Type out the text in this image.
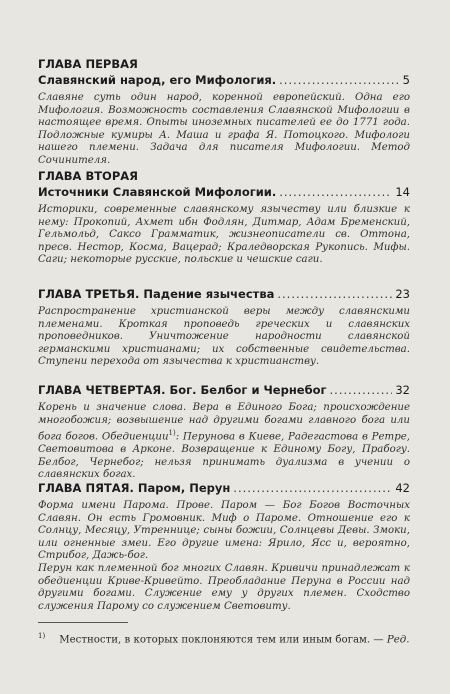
ГЛАВА ПЕРВАЯ
Славянский народ, его Мифология. .....	5

Славяне суть один народ, коренной европейский. Одна его Мифология. Возможность составления Славянской Мифологии в настоящее время. Опыты иноземных писателей ее до 1771 года. Подложные кумиры А. Маша и графа Я. Потоцкого. Мифологи нашего племени. Задача для писателя Мифологии. Метод Сочинителя.

ГЛАВА ВТОРАЯ
Источники Славянской Мифологии. .....	14

Историки, современные славянскому язычеству или близкие к нему: Прокопий, Ахмет ибн Фодлян, Дитмар, Адам Бременский, Гельмольд, Саксо Грамматик, жизнеописатели св. Оттона, пресв. Нестор, Косма, Вацерад; Краледворская Рукопись. Мифы. Саги; некоторые русские, польские и чешские саги.

ГЛАВА ТРЕТЬЯ. Падение язычества .....	23

Распространение христианской веры между славянскими племенами. Кроткая проповедь греческих и славянских проповедников. Уничтожение народности славянской германскими христианами; их собственные свидетельства. Ступени перехода от язычества к христианству.

ГЛАВА ЧЕТВЕРТАЯ. Бог. Белбог и Чернебог .....	32

Корень и значение слова. Вера в Единого Бога; происхождение многобожия; возвышение над другими богами главного бога или бога богов. Обедиенции$^{1)}$: Перунова в Киеве, Радегастова в Ретре, Световитова в Арконе. Возвращение к Единому Богу, Прабогу. Белбог, Чернебог; нельзя принимать дуализма в учении о славянских богах.

ГЛАВА ПЯТАЯ. Паром, Перун .....	42

Форма имени Парома. Прове. Паром — Бог Богов Восточных Славян. Он есть Громовник. Миф о Пароме. Отношение его к Солнцу, Месяцу, Утреннице; сыны божии, Солнцевы Девы. Змоки, или огненные змеи. Его другие имена: Ярило, Ясс и, вероятно, Стрибог, Дажь-бог.

Перун как племенной бог многих Славян. Кривичи принадлежат к обедиенции Криве-Кривейто. Преобладание Перуна в России над другими богами. Служение ему у других племен. Сходство служения Парому со служением Световиту.

$^{1)}$ Местности, в которых поклоняются тем или иным богам. — Ред.
